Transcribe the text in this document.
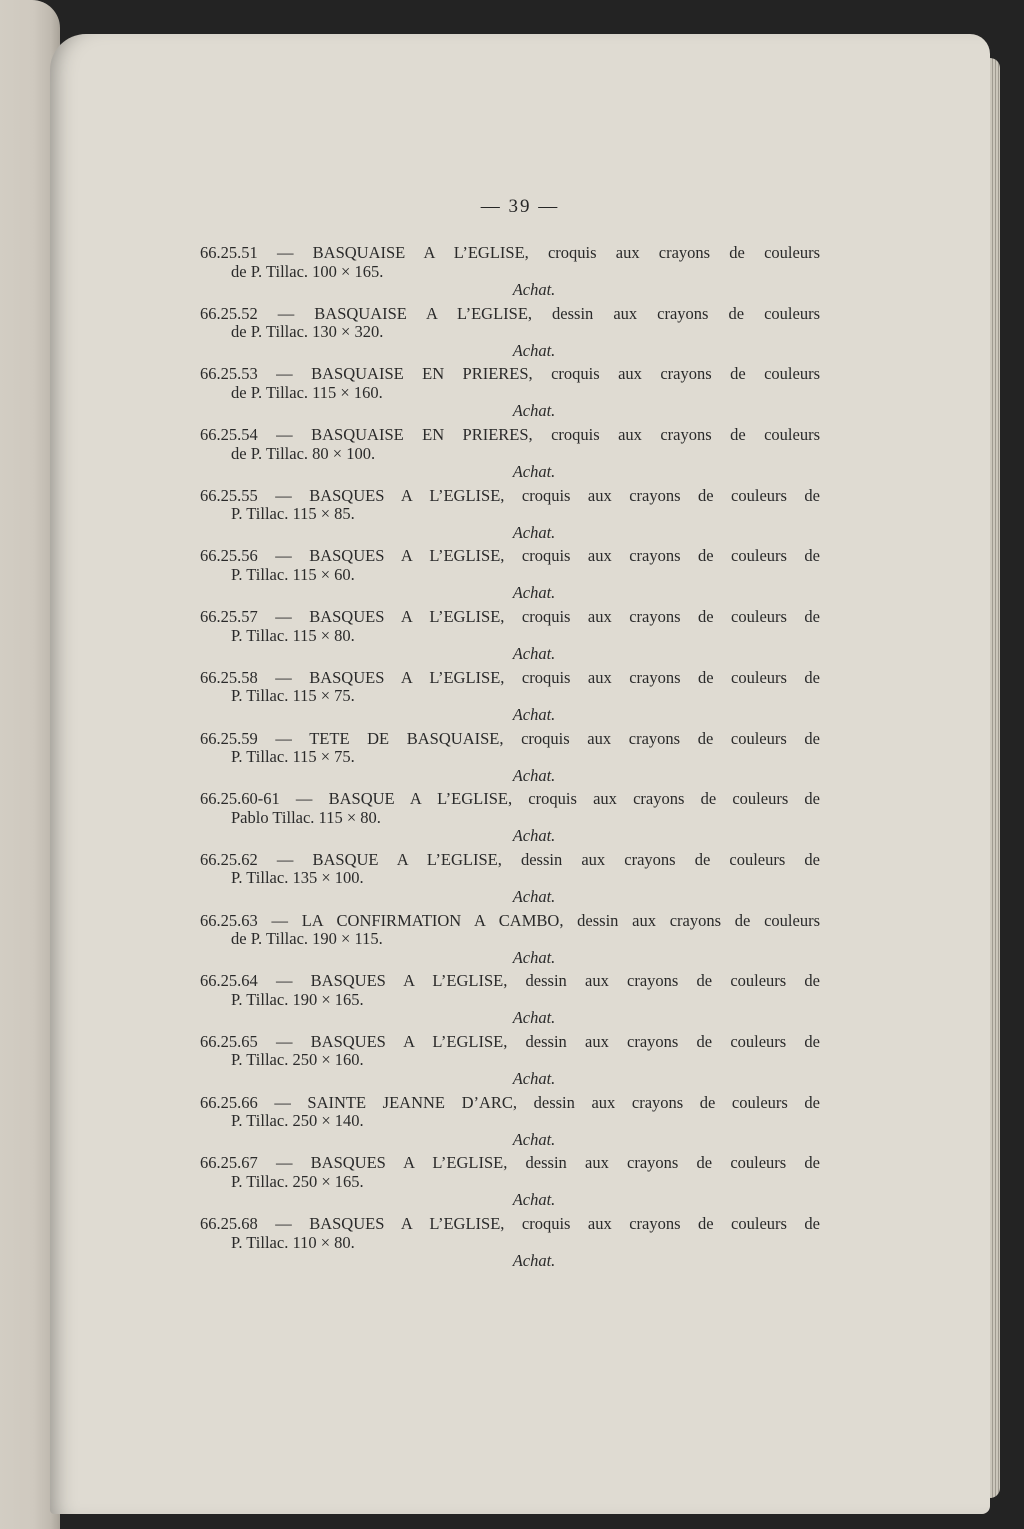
— 39 —
66.25.51 — BASQUAISE A L’EGLISE, croquis aux crayons de couleurs
de P. Tillac. 100 × 165.
Achat.
66.25.52 — BASQUAISE A L’EGLISE, dessin aux crayons de couleurs
de P. Tillac. 130 × 320.
Achat.
66.25.53 — BASQUAISE EN PRIERES, croquis aux crayons de couleurs
de P. Tillac. 115 × 160.
Achat.
66.25.54 — BASQUAISE EN PRIERES, croquis aux crayons de couleurs
de P. Tillac. 80 × 100.
Achat.
66.25.55 — BASQUES A L’EGLISE, croquis aux crayons de couleurs de
P. Tillac. 115 × 85.
Achat.
66.25.56 — BASQUES A L’EGLISE, croquis aux crayons de couleurs de
P. Tillac. 115 × 60.
Achat.
66.25.57 — BASQUES A L’EGLISE, croquis aux crayons de couleurs de
P. Tillac. 115 × 80.
Achat.
66.25.58 — BASQUES A L’EGLISE, croquis aux crayons de couleurs de
P. Tillac. 115 × 75.
Achat.
66.25.59 — TETE DE BASQUAISE, croquis aux crayons de couleurs de
P. Tillac. 115 × 75.
Achat.
66.25.60-61 — BASQUE A L’EGLISE, croquis aux crayons de couleurs de
Pablo Tillac. 115 × 80.
Achat.
66.25.62 — BASQUE A L’EGLISE, dessin aux crayons de couleurs de
P. Tillac. 135 × 100.
Achat.
66.25.63 — LA CONFIRMATION A CAMBO, dessin aux crayons de couleurs
de P. Tillac. 190 × 115.
Achat.
66.25.64 — BASQUES A L’EGLISE, dessin aux crayons de couleurs de
P. Tillac. 190 × 165.
Achat.
66.25.65 — BASQUES A L’EGLISE, dessin aux crayons de couleurs de
P. Tillac. 250 × 160.
Achat.
66.25.66 — SAINTE JEANNE D’ARC, dessin aux crayons de couleurs de
P. Tillac. 250 × 140.
Achat.
66.25.67 — BASQUES A L’EGLISE, dessin aux crayons de couleurs de
P. Tillac. 250 × 165.
Achat.
66.25.68 — BASQUES A L’EGLISE, croquis aux crayons de couleurs de
P. Tillac. 110 × 80.
Achat.
